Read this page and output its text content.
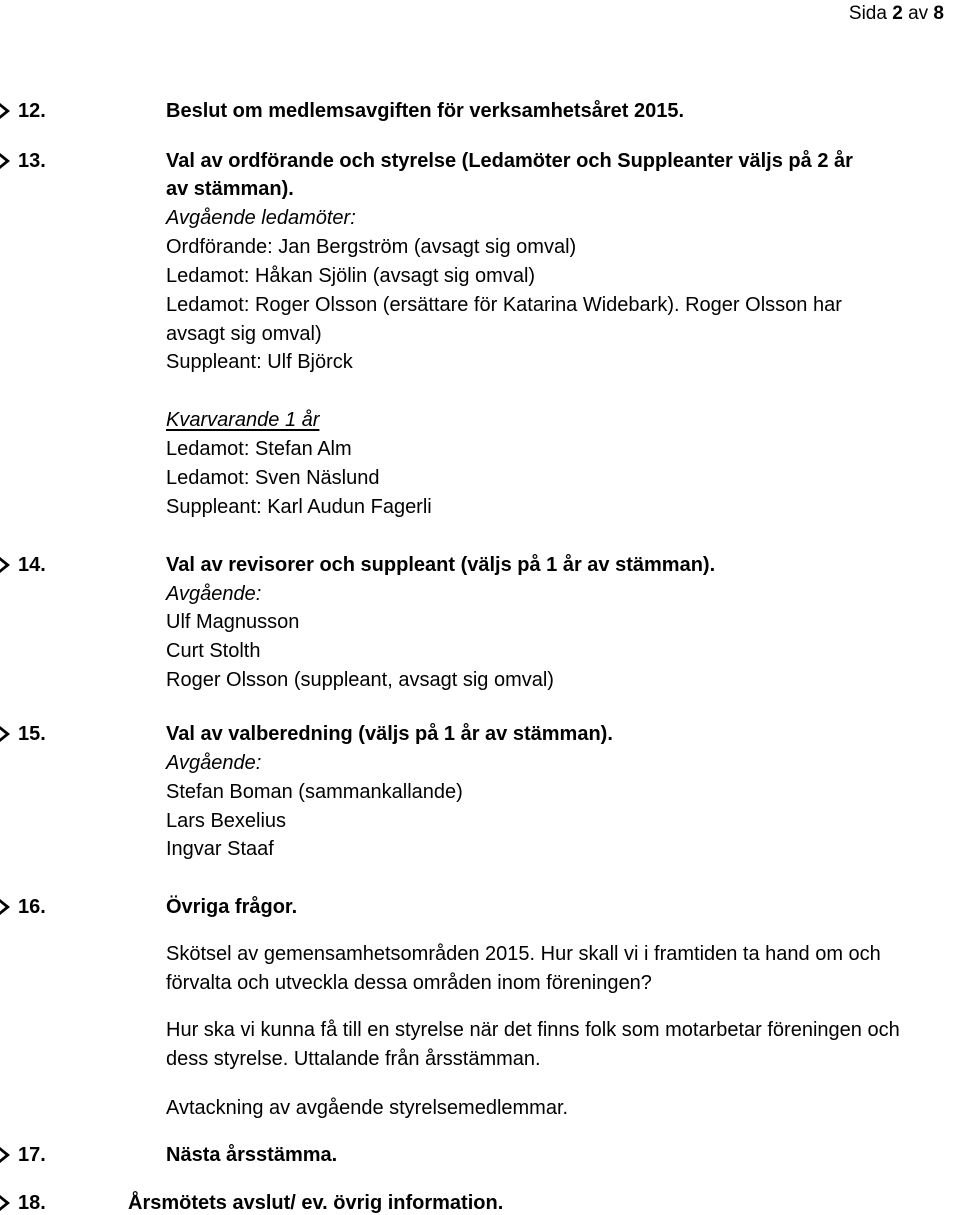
Sida 2 av 8
12.	Beslut om medlemsavgiften för verksamhetsåret 2015.
13.	Val av ordförande och styrelse (Ledamöter och Suppleanter väljs på 2 år
av stämman).
Avgående ledamöter:
Ordförande: Jan Bergström (avsagt sig omval)
Ledamot: Håkan Sjölin (avsagt sig omval)
Ledamot: Roger Olsson (ersättare för Katarina Widebark). Roger Olsson har
avsagt sig omval)
Suppleant: Ulf Björck
Kvarvarande 1 år
Ledamot: Stefan Alm
Ledamot: Sven Näslund
Suppleant: Karl Audun Fagerli
14.	Val av revisorer och suppleant (väljs på 1 år av stämman).
Avgående:
Ulf Magnusson
Curt Stolth
Roger Olsson (suppleant, avsagt sig omval)
15.	Val av valberedning (väljs på 1 år av stämman).
Avgående:
Stefan Boman (sammankallande)
Lars Bexelius
Ingvar Staaf
16.	Övriga frågor.
Skötsel av gemensamhetsområden 2015. Hur skall vi i framtiden ta hand om och
förvalta och utveckla dessa områden inom föreningen?
Hur ska vi kunna få till en styrelse när det finns folk som motarbetar föreningen och
dess styrelse. Uttalande från årsstämman.
Avtackning av avgående styrelsemedlemmar.
17.	Nästa årsstämma.
18.	Årsmötets avslut/ ev. övrig information.
